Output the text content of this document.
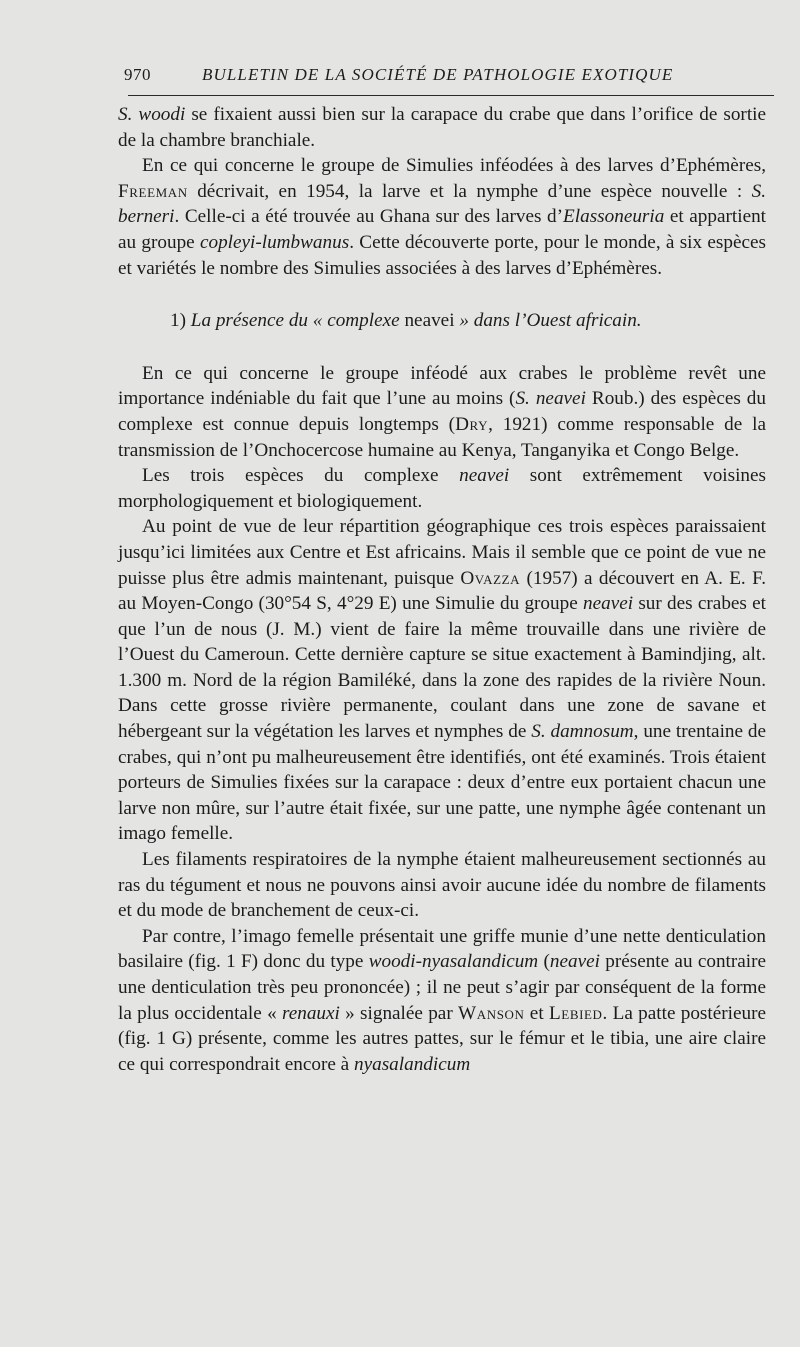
970	BULLETIN DE LA SOCIÉTÉ DE PATHOLOGIE EXOTIQUE

S. woodi se fixaient aussi bien sur la carapace du crabe que dans l’orifice de sortie de la chambre branchiale.

En ce qui concerne le groupe de Simulies inféodées à des larves d’Ephémères, Freeman décrivait, en 1954, la larve et la nymphe d’une espèce nouvelle : S. berneri. Celle-ci a été trouvée au Ghana sur des larves d’Elassoneuria et appartient au groupe copleyi-lumbwanus. Cette découverte porte, pour le monde, à six espèces et variétés le nombre des Simulies associées à des larves d’Ephémères.

1) La présence du « complexe neavei » dans l’Ouest africain.

En ce qui concerne le groupe inféodé aux crabes le problème revêt une importance indéniable du fait que l’une au moins (S. neavei Roub.) des espèces du complexe est connue depuis longtemps (Dry, 1921) comme responsable de la transmission de l’Onchocercose humaine au Kenya, Tanganyika et Congo Belge.

Les trois espèces du complexe neavei sont extrêmement voisines morphologiquement et biologiquement.

Au point de vue de leur répartition géographique ces trois espèces paraissaient jusqu’ici limitées aux Centre et Est africains. Mais il semble que ce point de vue ne puisse plus être admis maintenant, puisque Ovazza (1957) a découvert en A. E. F. au Moyen-Congo (30°54 S, 4°29 E) une Simulie du groupe neavei sur des crabes et que l’un de nous (J. M.) vient de faire la même trouvaille dans une rivière de l’Ouest du Cameroun. Cette dernière capture se situe exactement à Bamindjing, alt. 1.300 m. Nord de la région Bamiléké, dans la zone des rapides de la rivière Noun. Dans cette grosse rivière permanente, coulant dans une zone de savane et hébergeant sur la végétation les larves et nymphes de S. damnosum, une trentaine de crabes, qui n’ont pu malheureusement être identifiés, ont été examinés. Trois étaient porteurs de Simulies fixées sur la carapace : deux d’entre eux portaient chacun une larve non mûre, sur l’autre était fixée, sur une patte, une nymphe âgée contenant un imago femelle.

Les filaments respiratoires de la nymphe étaient malheureusement sectionnés au ras du tégument et nous ne pouvons ainsi avoir aucune idée du nombre de filaments et du mode de branchement de ceux-ci.

Par contre, l’imago femelle présentait une griffe munie d’une nette denticulation basilaire (fig. 1 F) donc du type woodi-nyasalandicum (neavei présente au contraire une denticulation très peu prononcée) ; il ne peut s’agir par conséquent de la forme la plus occidentale « renauxi » signalée par Wanson et Lebied. La patte postérieure (fig. 1 G) présente, comme les autres pattes, sur le fémur et le tibia, une aire claire ce qui correspondrait encore à nyasalandicum
